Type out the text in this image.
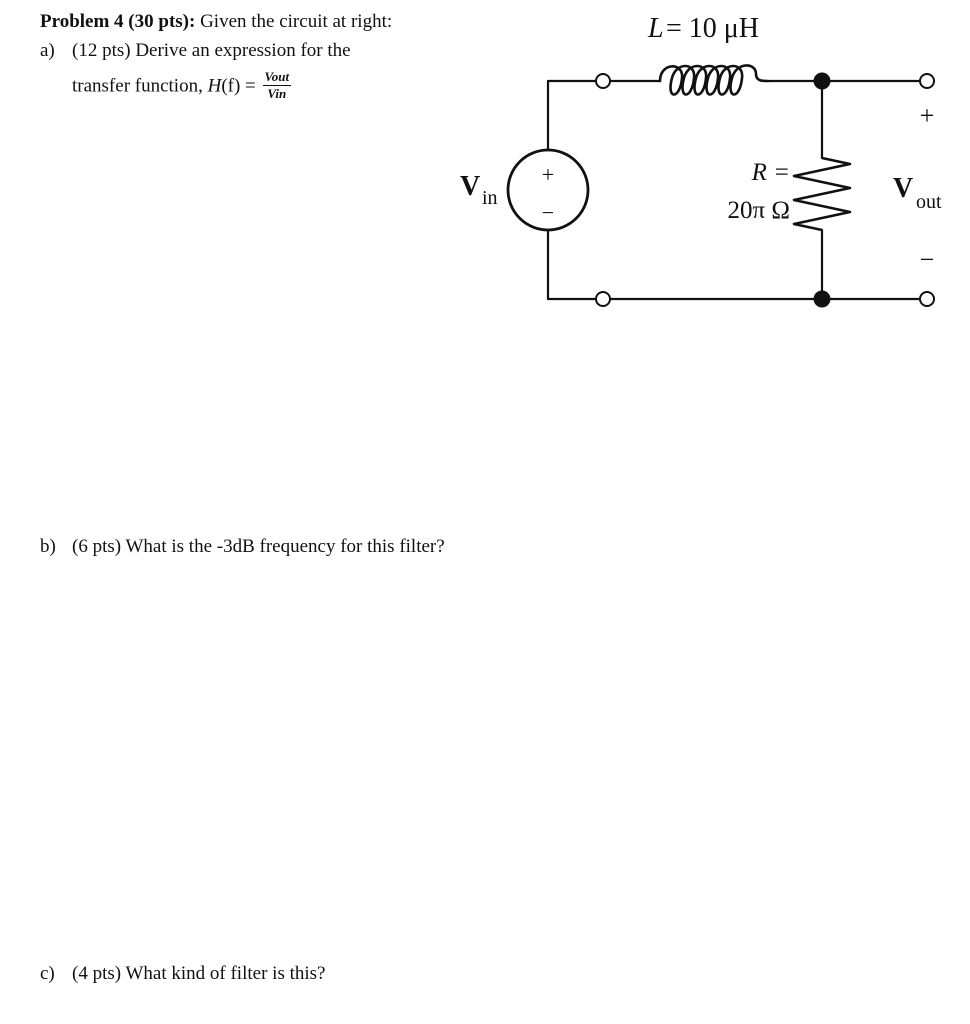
Problem 4 (30 pts): Given the circuit at right:
a) (12 pts) Derive an expression for the
transfer function, $H(f) = \frac{\text{Vout}}{\text{Vin}}$
b) (6 pts) What is the -3dB frequency for this filter?
c) (4 pts) What kind of filter is this?
+
−
V in
L = 10 μH
R =
20π Ω
+
−
V out
